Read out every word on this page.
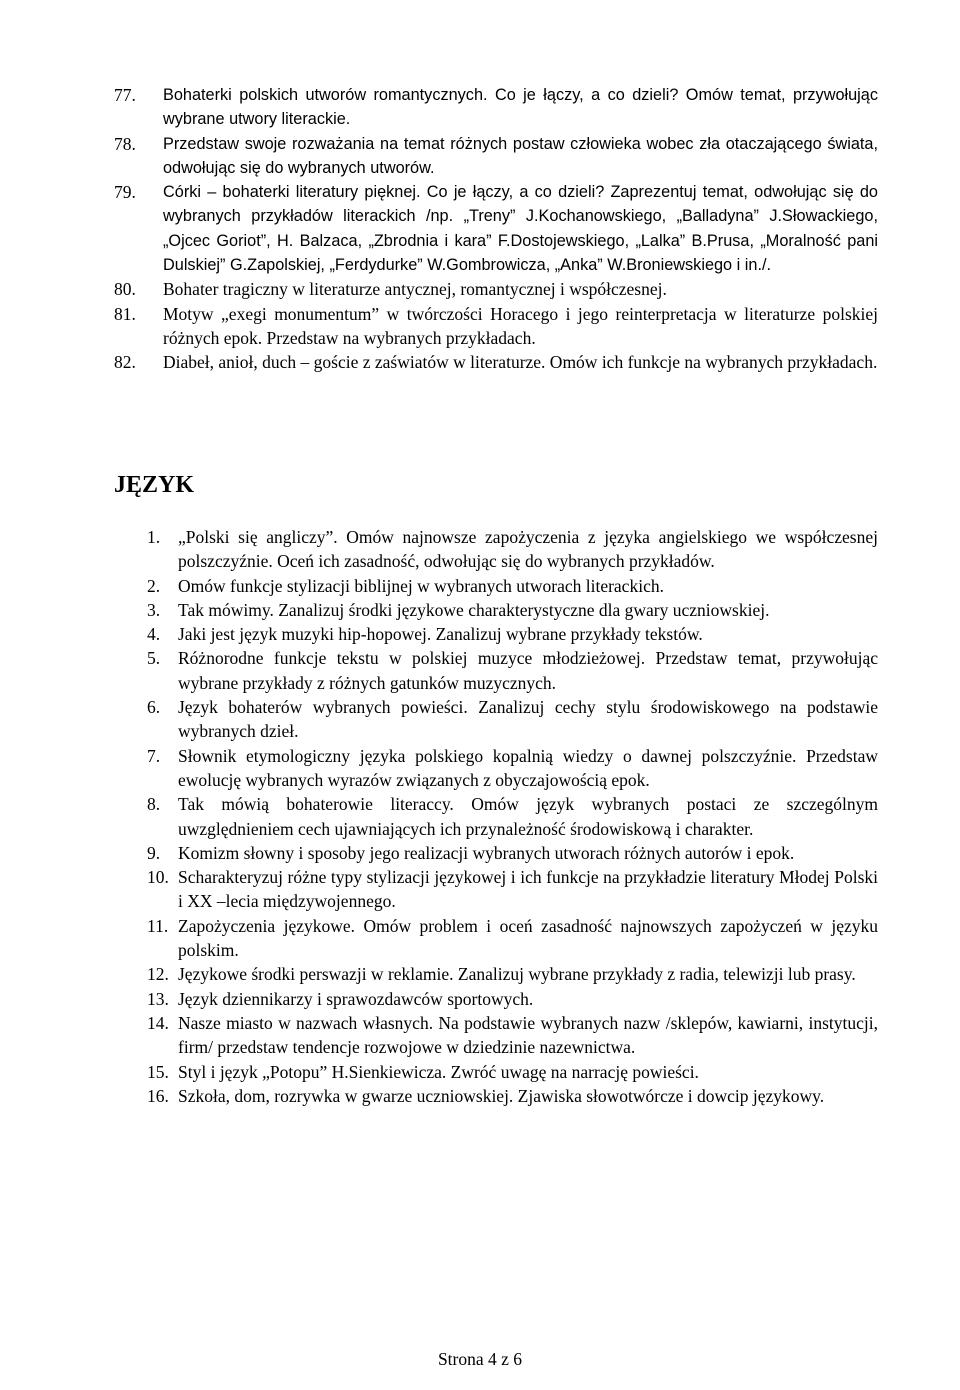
77.	Bohaterki polskich utworów romantycznych. Co je łączy, a co dzieli? Omów temat, przywołując wybrane utwory literackie.
78.	Przedstaw swoje rozważania na temat różnych postaw człowieka wobec zła otaczającego świata, odwołując się do wybranych utworów.
79.	Córki – bohaterki literatury pięknej. Co je łączy, a co dzieli? Zaprezentuj temat, odwołując się do wybranych przykładów literackich /np. „Treny” J.Kochanowskiego, „Balladyna” J.Słowackiego, „Ojcec Goriot”, H. Balzaca, „Zbrodnia i kara” F.Dostojewskiego, „Lalka” B.Prusa, „Moralność pani Dulskiej” G.Zapolskiej, „Ferdydurke” W.Gombrowicza, „Anka” W.Broniewskiego i in./.
80.	Bohater tragiczny w literaturze antycznej, romantycznej i współczesnej.
81.	Motyw „exegi monumentum” w twórczości Horacego i jego reinterpretacja w literaturze polskiej różnych epok. Przedstaw na wybranych przykładach.
82.	Diabeł, anioł, duch – goście z zaświatów w literaturze. Omów ich funkcje na wybranych przykładach.
JĘZYK
1.	„Polski się angliczy”. Omów najnowsze zapożyczenia z języka angielskiego we współczesnej polszczyźnie. Oceń ich zasadność, odwołując się do wybranych przykładów.
2.	Omów funkcje stylizacji biblijnej w wybranych utworach literackich.
3.	Tak mówimy. Zanalizuj środki językowe charakterystyczne dla gwary uczniowskiej.
4.	Jaki jest język muzyki hip-hopowej. Zanalizuj wybrane przykłady tekstów.
5.	Różnorodne funkcje tekstu w polskiej muzyce młodzieżowej. Przedstaw temat, przywołując wybrane przykłady z różnych gatunków muzycznych.
6.	Język bohaterów wybranych powieści. Zanalizuj cechy stylu środowiskowego na podstawie wybranych dzieł.
7.	Słownik etymologiczny języka polskiego kopalnią wiedzy o dawnej polszczyźnie. Przedstaw ewolucję wybranych wyrazów związanych z obyczajowością epok.
8.	Tak mówią bohaterowie literaccy. Omów język wybranych postaci ze szczególnym uwzględnieniem cech ujawniających ich przynależność środowiskową i charakter.
9.	Komizm słowny i sposoby jego realizacji wybranych utworach różnych autorów i epok.
10. Scharakteryzuj różne typy stylizacji językowej i ich funkcje na przykładzie literatury Młodej Polski i XX –lecia międzywojennego.
11. Zapożyczenia językowe. Omów problem i oceń zasadność najnowszych zapożyczeń w języku polskim.
12. Językowe środki perswazji w reklamie. Zanalizuj wybrane przykłady z radia, telewizji lub prasy.
13. Język dziennikarzy i sprawozdawców sportowych.
14. Nasze miasto w nazwach własnych. Na podstawie wybranych nazw /sklepów, kawiarni, instytucji, firm/ przedstaw tendencje rozwojowe w dziedzinie nazewnictwa.
15. Styl i język „Potopu” H.Sienkiewicza. Zwróć uwagę na narrację powieści.
16. Szkoła, dom, rozrywka w gwarze uczniowskiej. Zjawiska słowotwórcze i dowcip językowy.
Strona 4 z 6
